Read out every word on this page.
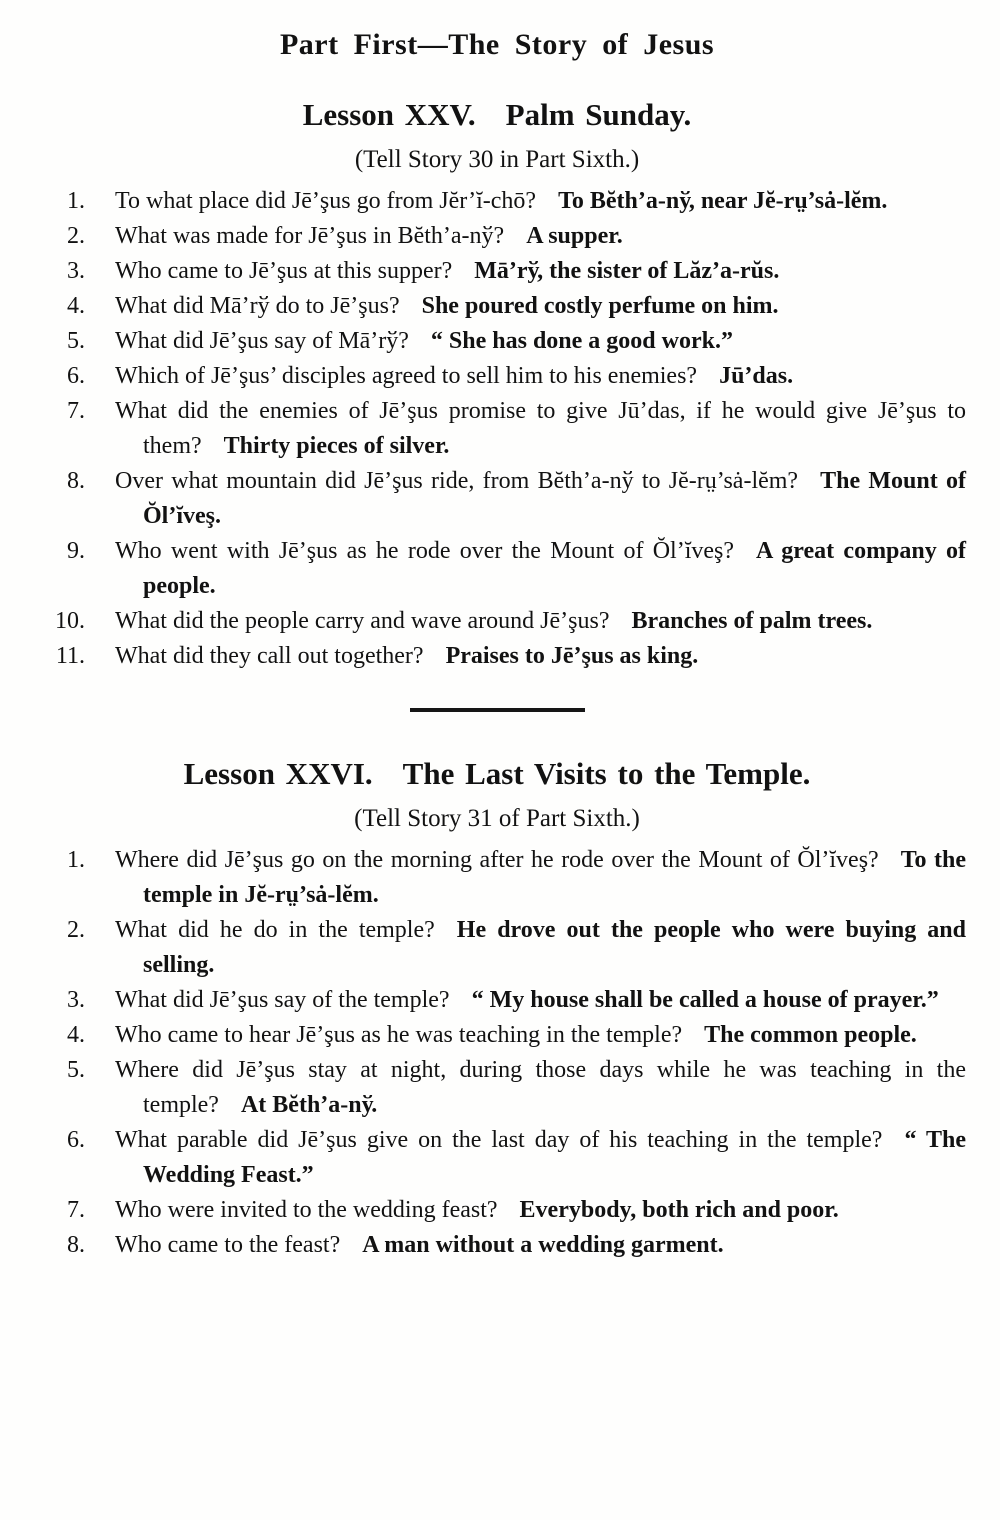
Part First—The Story of Jesus
Lesson XXV. Palm Sunday.

(Tell Story 30 in Part Sixth.)

1.	To what place did Jē’şus go from Jĕr’ĭ-chō? To Bĕth’a-nў, near Jĕ-rṳ’sȧ-lĕm.
2.	What was made for Jē’şus in Bĕth’a-nў? A supper.
3.	Who came to Jē’şus at this supper? Mā’rў, the sister of Lăz’a-rŭs.
4.	What did Mā’rў do to Jē’şus? She poured costly perfume on him.
5.	What did Jē’şus say of Mā’rў? “ She has done a good work.”
6.	Which of Jē’şus’ disciples agreed to sell him to his enemies? Jū’das.
7.	What did the enemies of Jē’şus promise to give Jū’das, if he would give Jē’şus to them? Thirty pieces of silver.
8.	Over what mountain did Jē’şus ride, from Bĕth’a-nў to Jĕ-rṳ’sȧ-lĕm? The Mount of Ŏl’ĭveş.
9.	Who went with Jē’şus as he rode over the Mount of Ŏl’ĭveş? A great company of people.
10.	What did the people carry and wave around Jē’şus? Branches of palm trees.
11.	What did they call out together? Praises to Jē’şus as king.
Lesson XXVI. The Last Visits to the Temple.

(Tell Story 31 of Part Sixth.)

1.	Where did Jē’şus go on the morning after he rode over the Mount of Ŏl’ĭveş? To the temple in Jĕ-rṳ’sȧ-lĕm.
2.	What did he do in the temple? He drove out the people who were buying and selling.
3.	What did Jē’şus say of the temple? “ My house shall be called a house of prayer.”
4.	Who came to hear Jē’şus as he was teaching in the temple? The common people.
5.	Where did Jē’şus stay at night, during those days while he was teaching in the temple? At Bĕth’a-nў.
6.	What parable did Jē’şus give on the last day of his teaching in the temple? “ The Wedding Feast.”
7.	Who were invited to the wedding feast? Everybody, both rich and poor.
8.	Who came to the feast? A man without a wedding garment.
